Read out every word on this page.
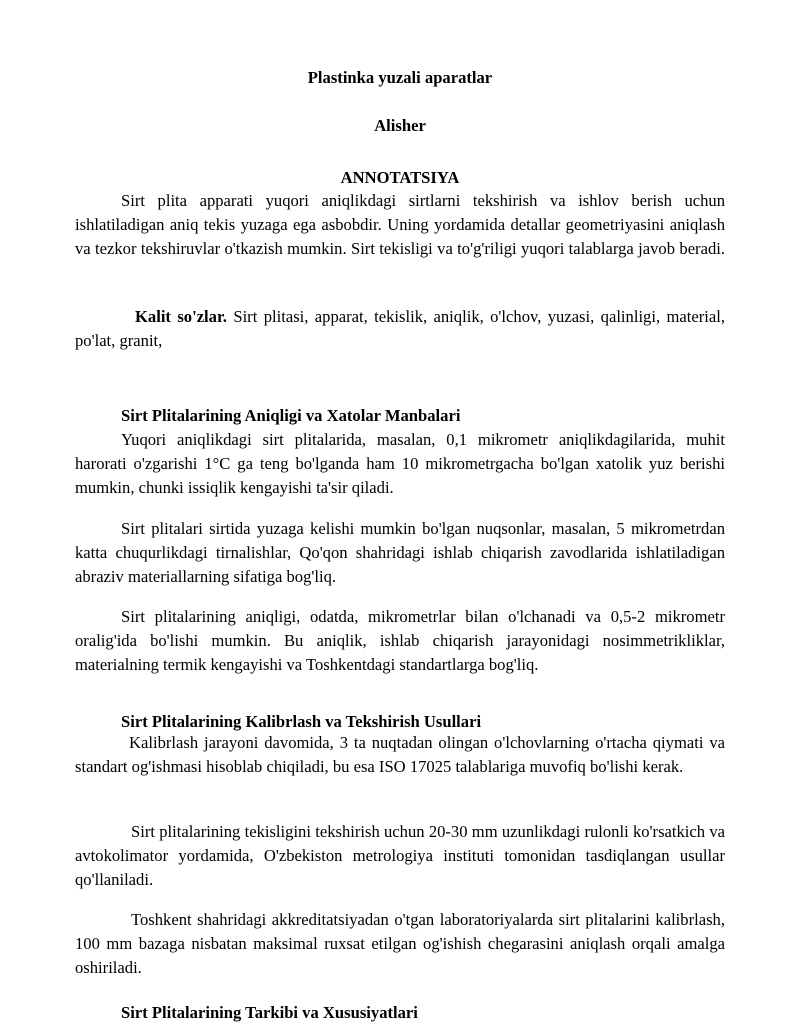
Plastinka yuzali aparatlar
Alisher
ANNOTATSIYA

Sirt plita apparati yuqori aniqlikdagi sirtlarni tekshirish va ishlov berish uchun ishlatiladigan aniq tekis yuzaga ega asbobdir. Uning yordamida detallar geometriyasini aniqlash va tezkor tekshiruvlar o'tkazish mumkin. Sirt tekisligi va to'g'riligi yuqori talablarga javob beradi.

Kalit so'zlar. Sirt plitasi, apparat, tekislik, aniqlik, o'lchov, yuzasi, qalinligi, material, po'lat, granit,

Sirt Plitalarining Aniqligi va Xatolar Manbalari

Yuqori aniqlikdagi sirt plitalarida, masalan, 0,1 mikrometr aniqlikdagilarida, muhit harorati o'zgarishi 1°C ga teng bo'lganda ham 10 mikrometrgacha bo'lgan xatolik yuz berishi mumkin, chunki issiqlik kengayishi ta'sir qiladi.

Sirt plitalari sirtida yuzaga kelishi mumkin bo'lgan nuqsonlar, masalan, 5 mikrometrdan katta chuqurlikdagi tirnalishlar, Qo'qon shahridagi ishlab chiqarish zavodlarida ishlatiladigan abraziv materiallarning sifatiga bog'liq.

Sirt plitalarining aniqligi, odatda, mikrometrlar bilan o'lchanadi va 0,5-2 mikrometr oralig'ida bo'lishi mumkin. Bu aniqlik, ishlab chiqarish jarayonidagi nosimmetrikliklar, materialning termik kengayishi va Toshkentdagi standartlarga bog'liq.

Sirt Plitalarining Kalibrlash va Tekshirish Usullari

Kalibrlash jarayoni davomida, 3 ta nuqtadan olingan o'lchovlarning o'rtacha qiymati va standart og'ishmasi hisoblab chiqiladi, bu esa ISO 17025 talablariga muvofiq bo'lishi kerak.

Sirt plitalarining tekisligini tekshirish uchun 20-30 mm uzunlikdagi rulonli ko'rsatkich va avtokolimator yordamida, O'zbekiston metrologiya instituti tomonidan tasdiqlangan usullar qo'llaniladi.

Toshkent shahridagi akkreditatsiyadan o'tgan laboratoriyalarda sirt plitalarini kalibrlash, 100 mm bazaga nisbatan maksimal ruxsat etilgan og'ishish chegarasini aniqlash orqali amalga oshiriladi.

Sirt Plitalarining Tarkibi va Xususiyatlari
